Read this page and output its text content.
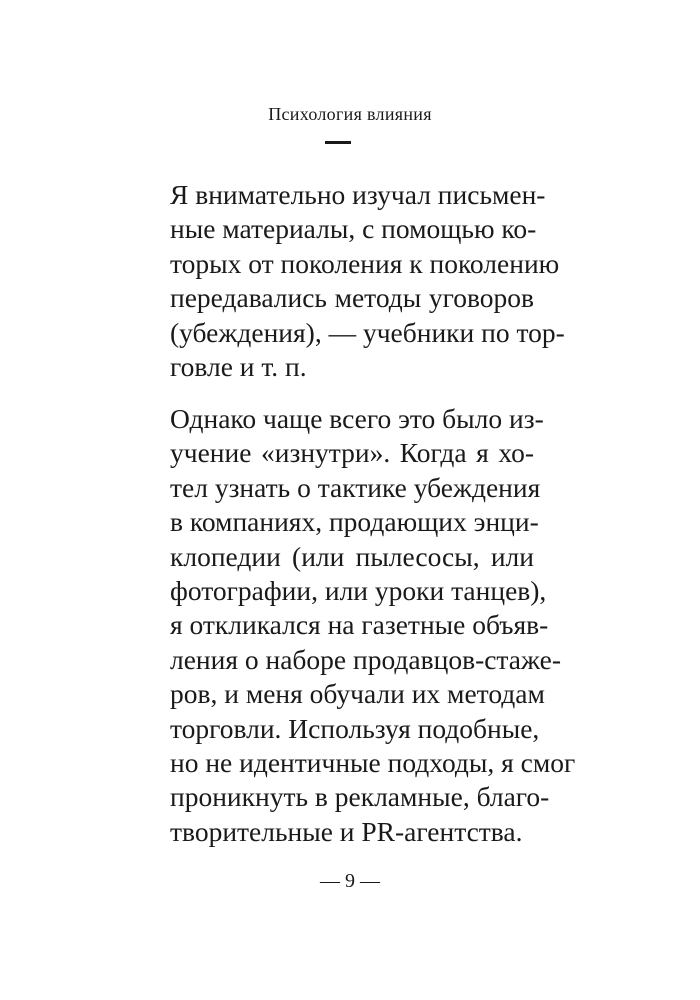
Психология влияния
Я внимательно изучал письмен-
ные материалы, с помощью ко-
торых от поколения к поколению
передавались методы уговоров
(убеждения), — учебники по тор-
говле и т. п.
Однако чаще всего это было из-
учение «изнутри». Когда я хо-
тел узнать о тактике убеждения
в компаниях, продающих энци-
клопедии (или пылесосы, или
фотографии, или уроки танцев),
я откликался на газетные объяв-
ления о наборе продавцов-стаже-
ров, и меня обучали их методам
торговли. Используя подобные,
но не идентичные подходы, я смог
проникнуть в рекламные, благо-
творительные и PR-агентства.
— 9 —
